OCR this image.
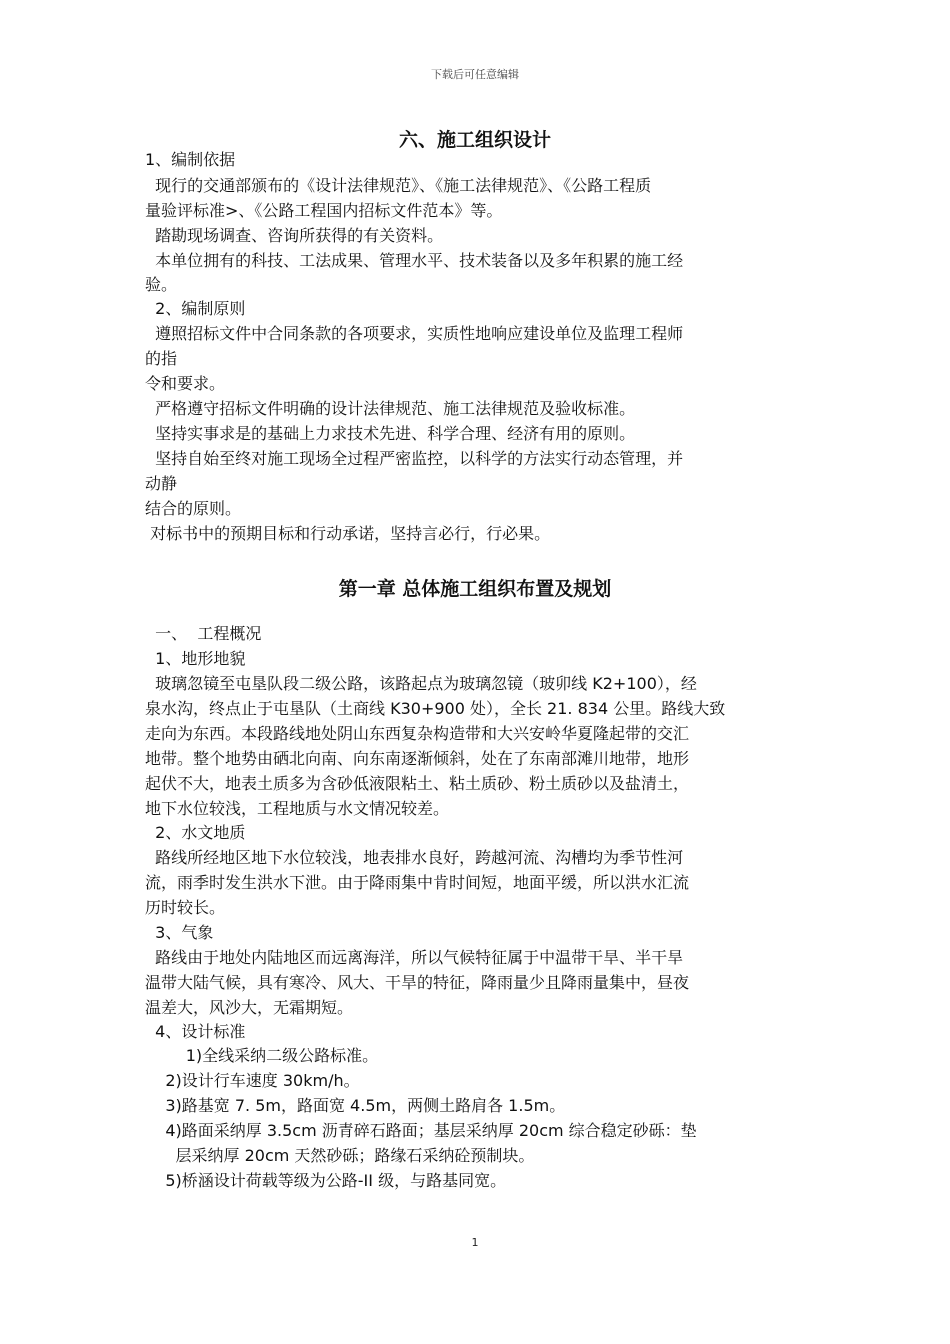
下载后可任意编辑
六、施工组织设计
1、编制依据
现行的交通部颁布的《设计法律规范》、《施工法律规范》、《公路工程质
量验评标准>、《公路工程国内招标文件范本》等。
踏勘现场调查、咨询所获得的有关资料。
本单位拥有的科技、工法成果、管理水平、技术装备以及多年积累的施工经
验。
2、编制原则
遵照招标文件中合同条款的各项要求，实质性地响应建设单位及监理工程师
的指
令和要求。
严格遵守招标文件明确的设计法律规范、施工法律规范及验收标准。
坚持实事求是的基础上力求技术先进、科学合理、经济有用的原则。
坚持自始至终对施工现场全过程严密监控，以科学的方法实行动态管理，并
动静
结合的原则。
对标书中的预期目标和行动承诺，坚持言必行，行必果。
第一章 总体施工组织布置及规划
一、  工程概况
1、地形地貌
玻璃忽镜至屯垦队段二级公路，该路起点为玻璃忽镜（玻卯线 K2+100），经
泉水沟，终点止于屯垦队（土商线 K30+900 处），全长 21. 834 公里。路线大致
走向为东西。本段路线地处阴山东西复杂构造带和大兴安岭华夏隆起带的交汇
地带。整个地势由硒北向南、向东南逐渐倾斜，处在了东南部滩川地带，地形
起伏不大，地表土质多为含砂低液限粘土、粘土质砂、粉土质砂以及盐清土，
地下水位较浅，工程地质与水文情况较差。
2、水文地质
路线所经地区地下水位较浅，地表排水良好，跨越河流、沟槽均为季节性河
流，雨季时发生洪水下泄。由于降雨集中肯时间短，地面平缓，所以洪水汇流
历时较长。
3、气象
路线由于地处内陆地区而远离海洋，所以气候特征属于中温带干旱、半干旱
温带大陆气候，具有寒冷、风大、干旱的特征，降雨量少且降雨量集中，昼夜
温差大，风沙大，无霜期短。
4、设计标准
1)全线采纳二级公路标准。
2)设计行车速度 30km/h。
3)路基宽 7. 5m，路面宽 4.5m，两侧土路肩各 1.5m。
4)路面采纳厚 3.5cm 沥青碎石路面；基层采纳厚 20cm 综合稳定砂砾：垫
层采纳厚 20cm 天然砂砾；路缘石采纳砼预制块。
5)桥涵设计荷载等级为公路-II 级，与路基同宽。
1
